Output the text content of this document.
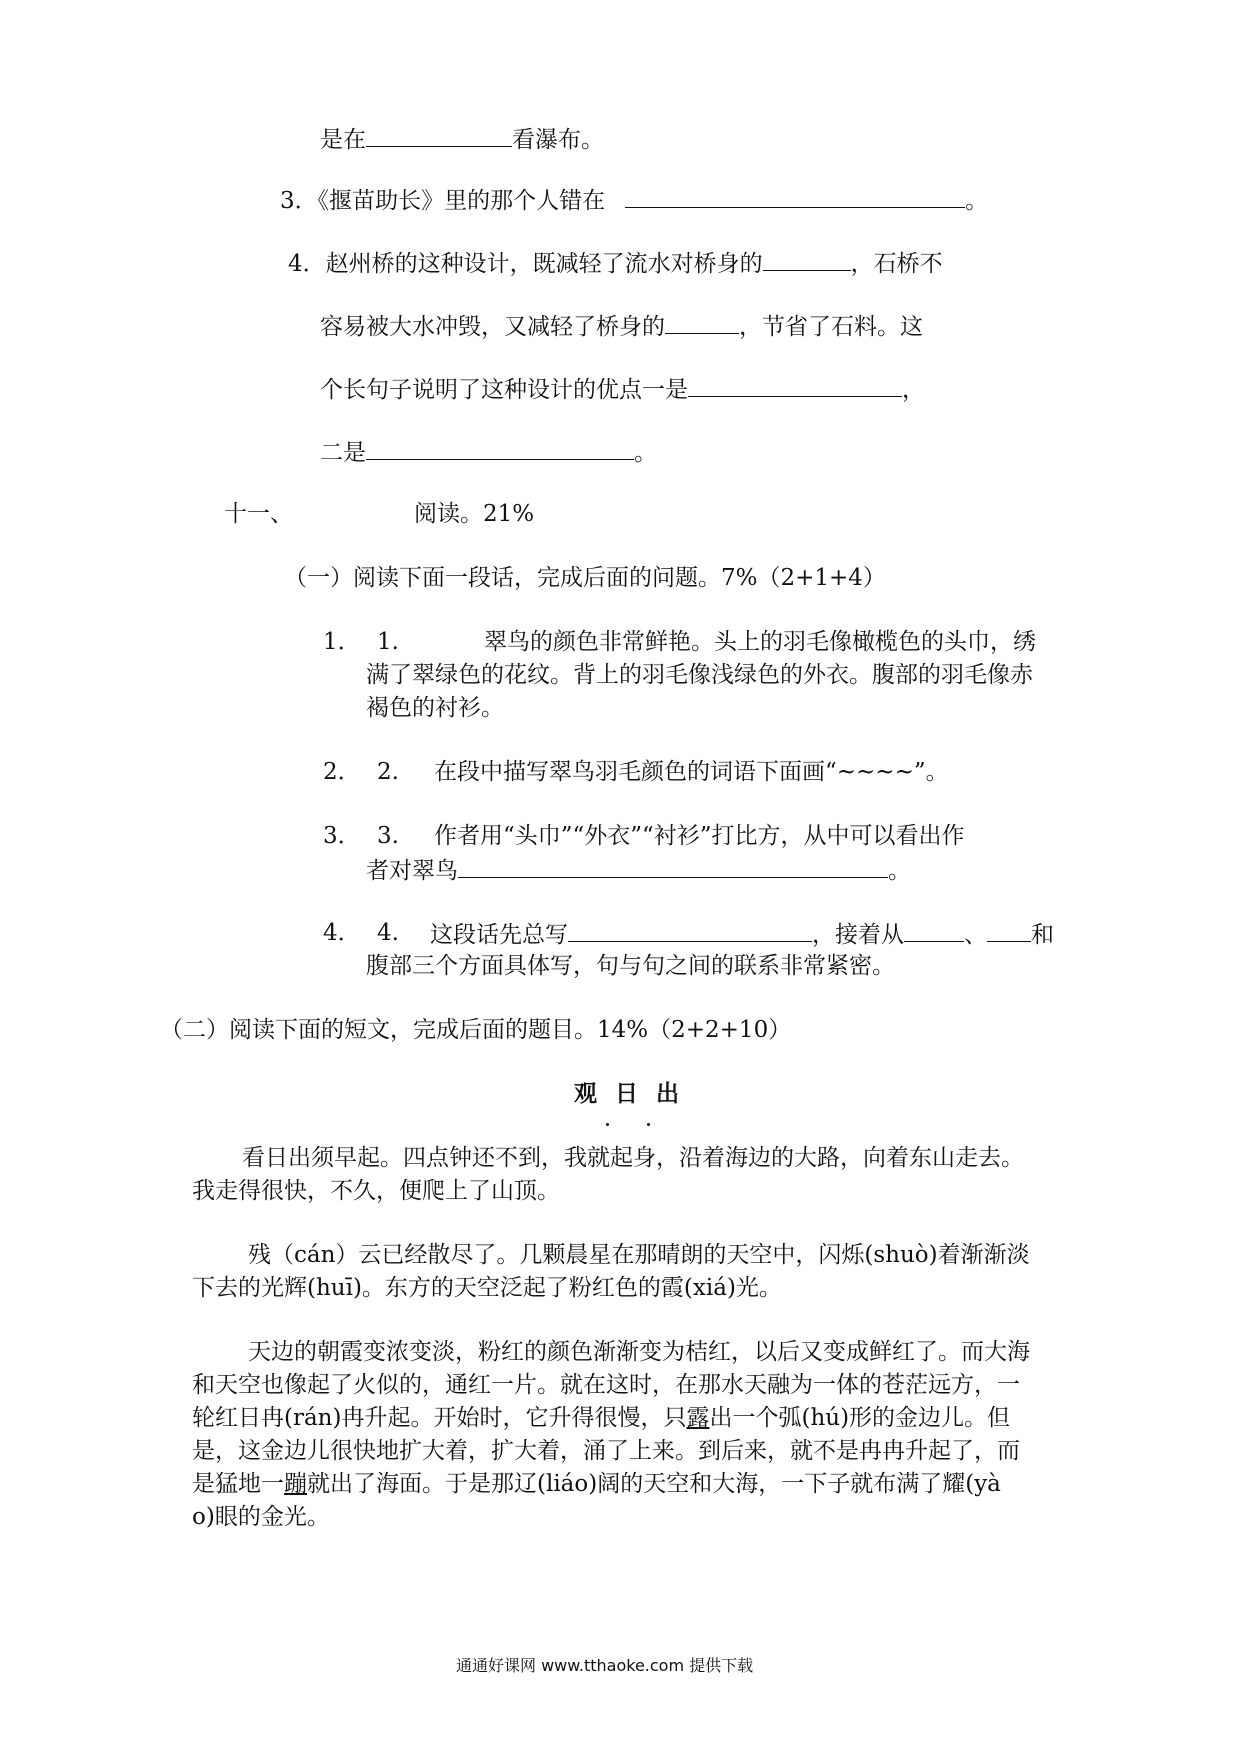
是在	看瀑布。
3．《揠苗助长》里的那个人错在	。
4．赵州桥的这种设计，既减轻了流水对桥身的	，石桥不
容易被大水冲毁，又减轻了桥身的	，节省了石料。这
个长句子说明了这种设计的优点一是	，
二是	。
十一、	阅读。21%
（一）阅读下面一段话，完成后面的问题。7%（2+1+4）
1． 1.	翠鸟的颜色非常鲜艳。头上的羽毛像橄榄色的头巾，绣
满了翠绿色的花纹。背上的羽毛像浅绿色的外衣。腹部的羽毛像赤
褐色的衬衫。
2． 2. 在段中描写翠鸟羽毛颜色的词语下面画“~~~~”。
3． 3. 作者用“头巾”“外衣”“衬衫”打比方，从中可以看出作
者对翠鸟	。
4． 4. 这段话先总写	，接着从	、 和
腹部三个方面具体写，句与句之间的联系非常紧密。
（二）阅读下面的短文，完成后面的题目。14%（2+2+10）
观 日 出
看日出须早起。四点钟还不到，我就起身，沿着海边的大路，向着东山走去。
我走得很快，不久，便爬上了山顶。
残（cán）云已经散尽了。几颗晨星在那晴朗的天空中，闪烁(shuò)着渐渐淡
下去的光辉(huī)。东方的天空泛起了粉红色的霞(xiá)光。
天边的朝霞变浓变淡，粉红的颜色渐渐变为桔红，以后又变成鲜红了。而大海
和天空也像起了火似的，通红一片。就在这时，在那水天融为一体的苍茫远方，一
轮红日冉(rán)冉升起。开始时，它升得很慢，只露出一个弧(hú)形的金边儿。但
是，这金边儿很快地扩大着，扩大着，涌了上来。到后来，就不是冉冉升起了，而
是猛地一蹦就出了海面。于是那辽(liáo)阔的天空和大海，一下子就布满了耀(yà
o)眼的金光。
通通好课网 www.tthaoke.com 提供下载
